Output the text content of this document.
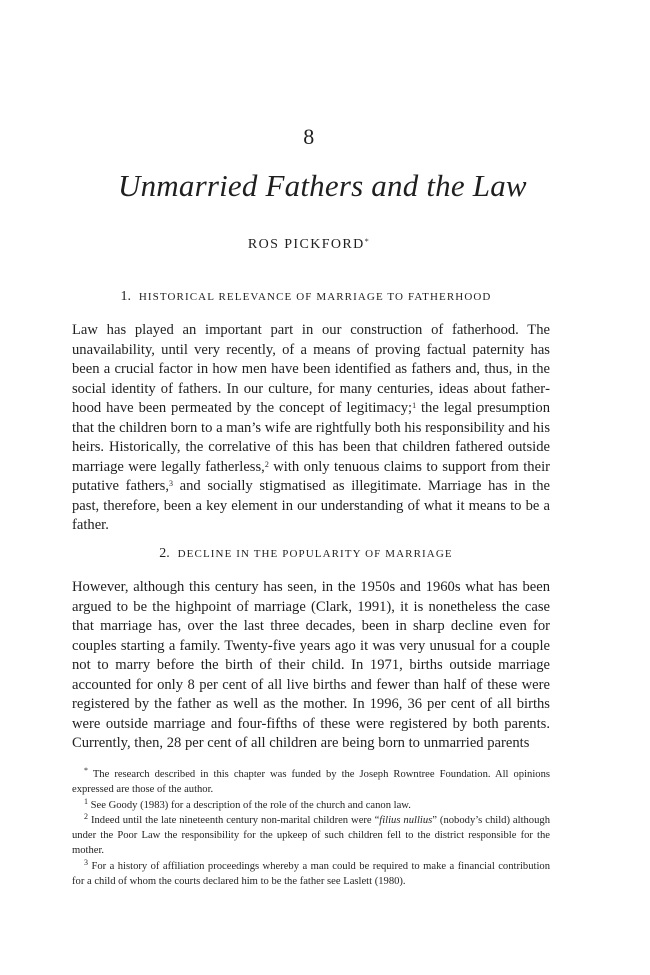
8
Unmarried Fathers and the Law
ROS PICKFORD*
1. HISTORICAL RELEVANCE OF MARRIAGE TO FATHERHOOD

Law has played an important part in our construction of fatherhood. The unavailability, until very recently, of a means of proving factual paternity has been a crucial factor in how men have been identified as fathers and, thus, in the social identity of fathers. In our culture, for many centuries, ideas about fatherhood have been permeated by the concept of legitimacy;$^1$ the legal presumption that the children born to a man’s wife are rightfully both his responsibility and his heirs. Historically, the correlative of this has been that children fathered outside marriage were legally fatherless,$^2$ with only tenuous claims to support from their putative fathers,$^3$ and socially stigmatised as illegitimate. Marriage has in the past, therefore, been a key element in our understanding of what it means to be a father.

2. DECLINE IN THE POPULARITY OF MARRIAGE

However, although this century has seen, in the 1950s and 1960s what has been argued to be the highpoint of marriage (Clark, 1991), it is nonetheless the case that marriage has, over the last three decades, been in sharp decline even for couples starting a family. Twenty-five years ago it was very unusual for a couple not to marry before the birth of their child. In 1971, births outside marriage accounted for only 8 per cent of all live births and fewer than half of these were registered by the father as well as the mother. In 1996, 36 per cent of all births were outside marriage and four-fifths of these were registered by both parents. Currently, then, 28 per cent of all children are being born to unmarried parents

* The research described in this chapter was funded by the Joseph Rowntree Foundation. All opinions expressed are those of the author.

$^1$ See Goody (1983) for a description of the role of the church and canon law.

$^2$ Indeed until the late nineteenth century non-marital children were “filius nullius” (nobody’s child) although under the Poor Law the responsibility for the upkeep of such children fell to the district responsible for the mother.

$^3$ For a history of affiliation proceedings whereby a man could be required to make a financial contribution for a child of whom the courts declared him to be the father see Laslett (1980).
